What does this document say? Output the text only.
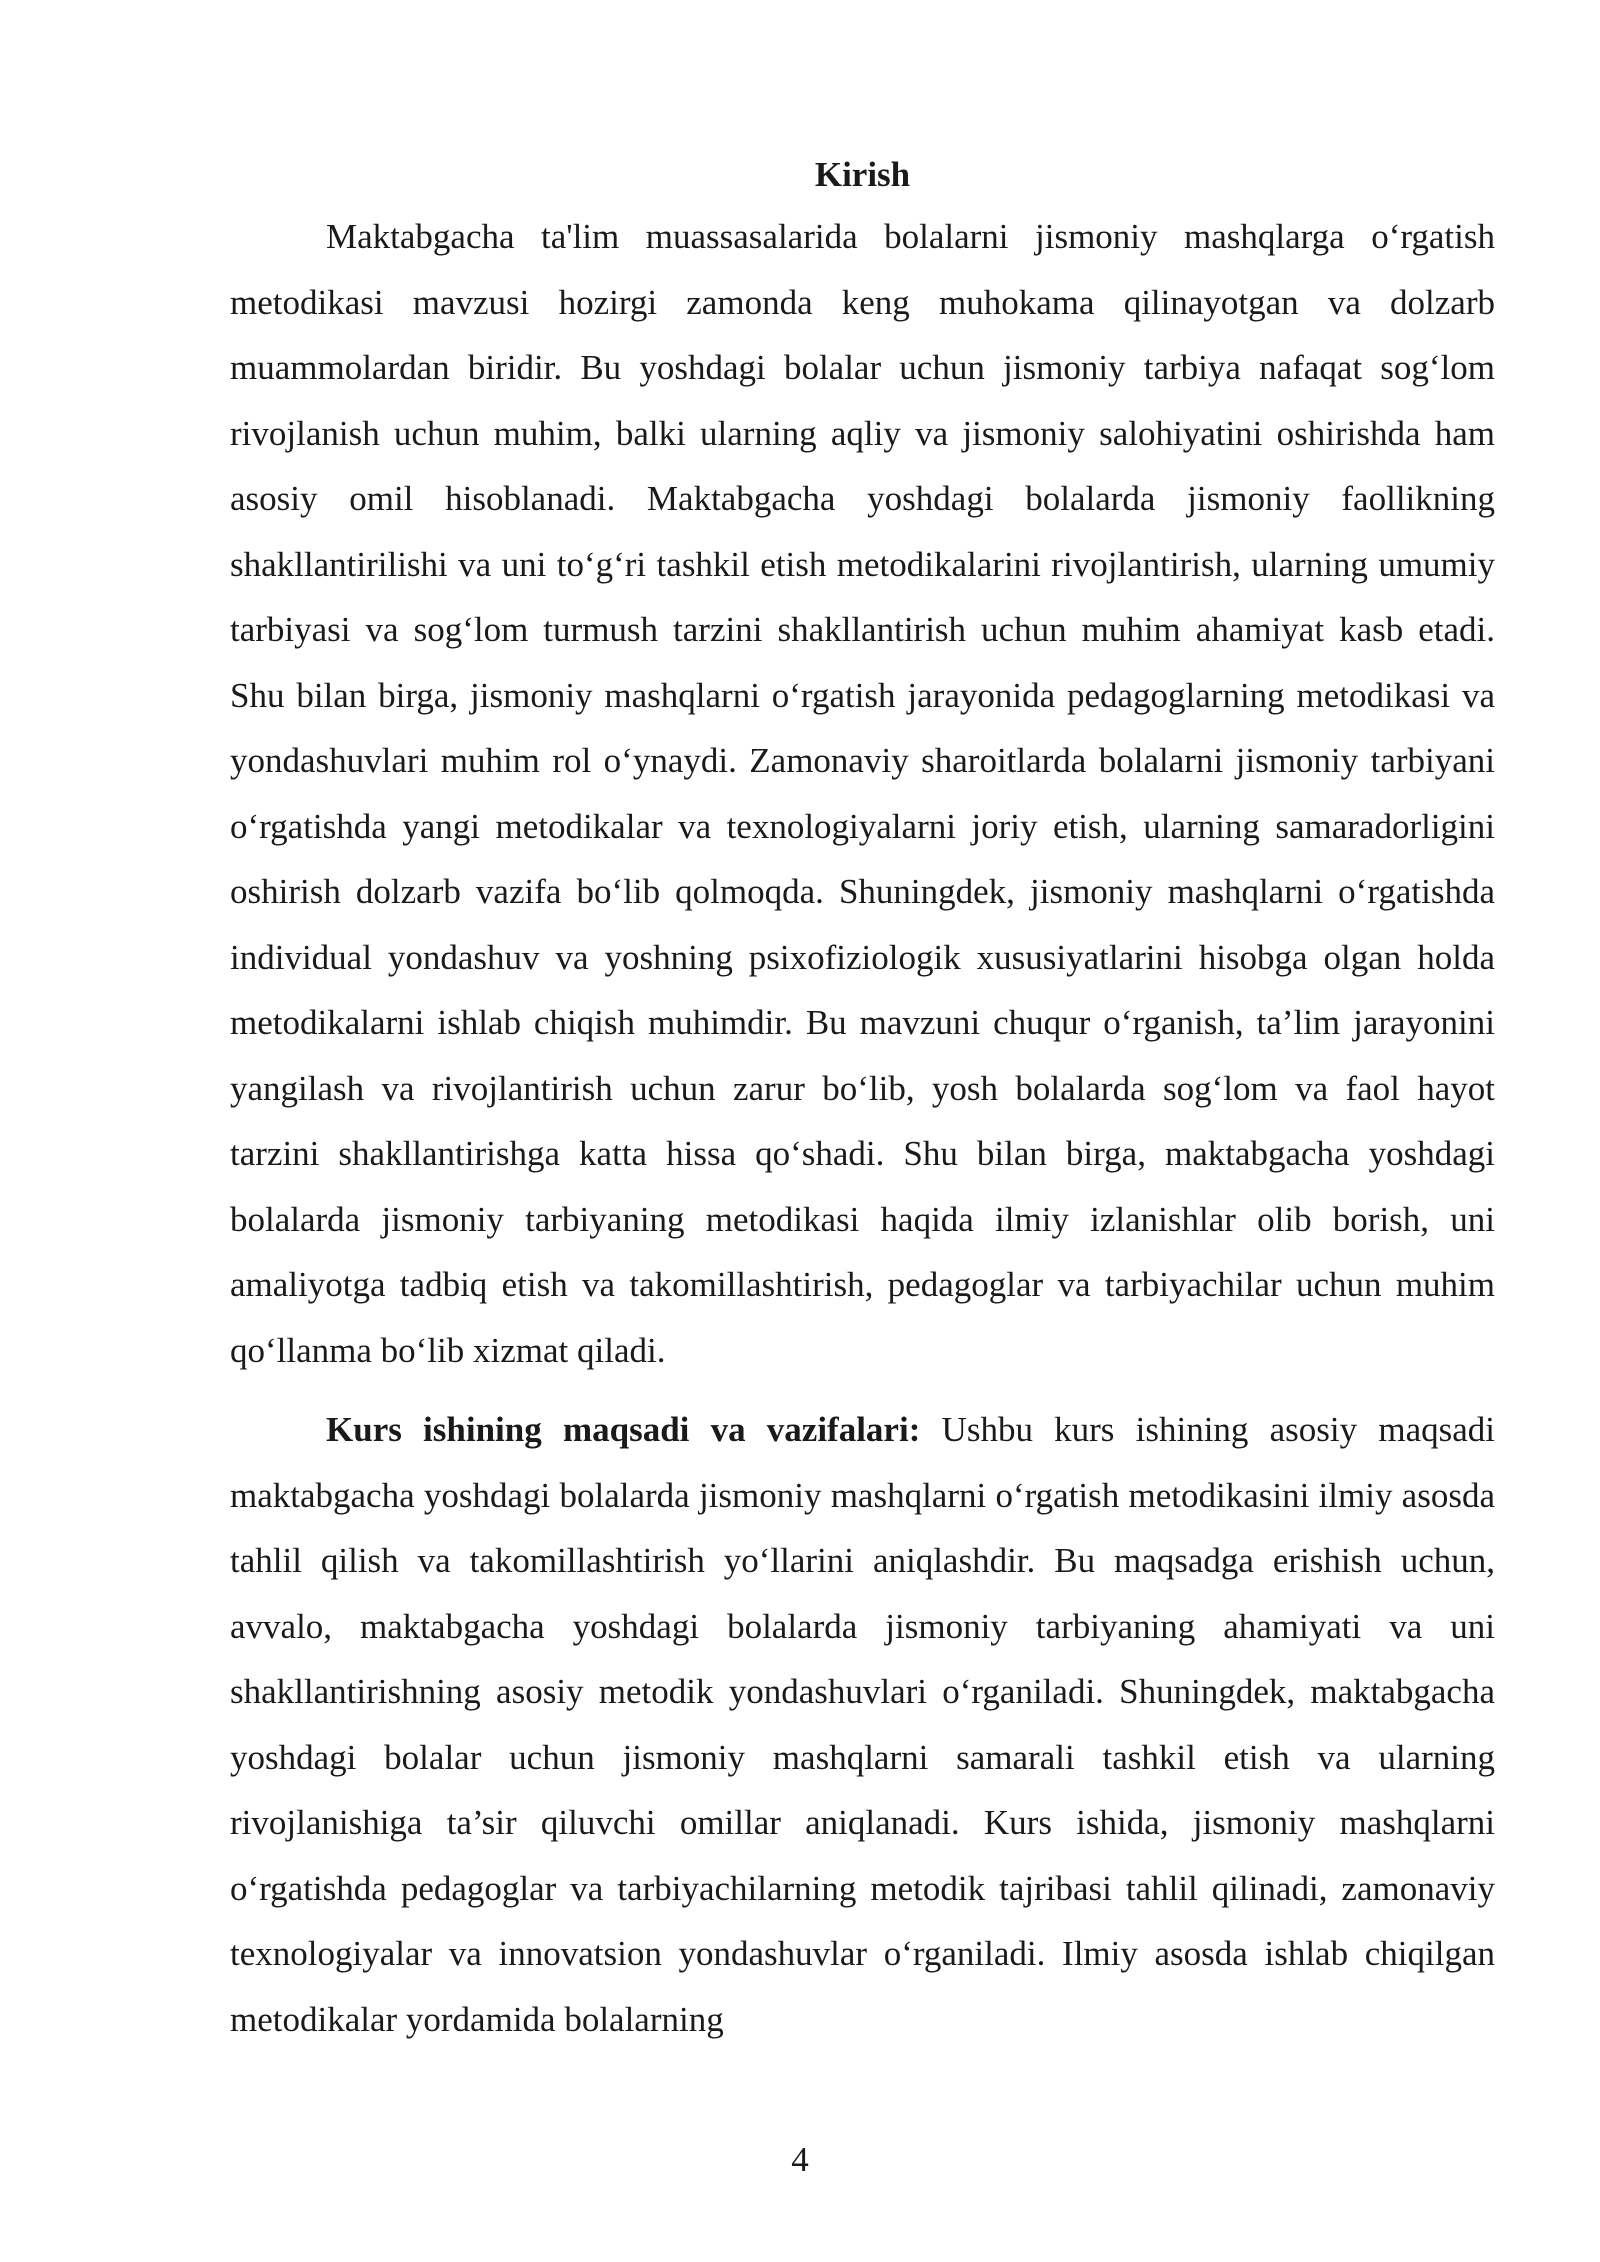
Kirish

Maktabgacha ta'lim muassasalarida bolalarni jismoniy mashqlarga o‘rgatish metodikasi mavzusi hozirgi zamonda keng muhokama qilinayotgan va dolzarb muammolardan biridir. Bu yoshdagi bolalar uchun jismoniy tarbiya nafaqat sog‘lom rivojlanish uchun muhim, balki ularning aqliy va jismoniy salohiyatini oshirishda ham asosiy omil hisoblanadi. Maktabgacha yoshdagi bolalarda jismoniy faollikning shakllantirilishi va uni to‘g‘ri tashkil etish metodikalarini rivojlantirish, ularning umumiy tarbiyasi va sog‘lom turmush tarzini shakllantirish uchun muhim ahamiyat kasb etadi. Shu bilan birga, jismoniy mashqlarni o‘rgatish jarayonida pedagoglarning metodikasi va yondashuvlari muhim rol o‘ynaydi. Zamonaviy sharoitlarda bolalarni jismoniy tarbiyani o‘rgatishda yangi metodikalar va texnologiyalarni joriy etish, ularning samaradorligini oshirish dolzarb vazifa bo‘lib qolmoqda. Shuningdek, jismoniy mashqlarni o‘rgatishda individual yondashuv va yoshning psixofiziologik xususiyatlarini hisobga olgan holda metodikalarni ishlab chiqish muhimdir. Bu mavzuni chuqur o‘rganish, ta’lim jarayonini yangilash va rivojlantirish uchun zarur bo‘lib, yosh bolalarda sog‘lom va faol hayot tarzini shakllantirishga katta hissa qo‘shadi. Shu bilan birga, maktabgacha yoshdagi bolalarda jismoniy tarbiyaning metodikasi haqida ilmiy izlanishlar olib borish, uni amaliyotga tadbiq etish va takomillashtirish, pedagoglar va tarbiyachilar uchun muhim qo‘llanma bo‘lib xizmat qiladi.

Kurs ishining maqsadi va vazifalari: Ushbu kurs ishining asosiy maqsadi maktabgacha yoshdagi bolalarda jismoniy mashqlarni o‘rgatish metodikasini ilmiy asosda tahlil qilish va takomillashtirish yo‘llarini aniqlashdir. Bu maqsadga erishish uchun, avvalo, maktabgacha yoshdagi bolalarda jismoniy tarbiyaning ahamiyati va uni shakllantirishning asosiy metodik yondashuvlari o‘rganiladi. Shuningdek, maktabgacha yoshdagi bolalar uchun jismoniy mashqlarni samarali tashkil etish va ularning rivojlanishiga ta’sir qiluvchi omillar aniqlanadi. Kurs ishida, jismoniy mashqlarni o‘rgatishda pedagoglar va tarbiyachilarning metodik tajribasi tahlil qilinadi, zamonaviy texnologiyalar va innovatsion yondashuvlar o‘rganiladi. Ilmiy asosda ishlab chiqilgan metodikalar yordamida bolalarning

4
